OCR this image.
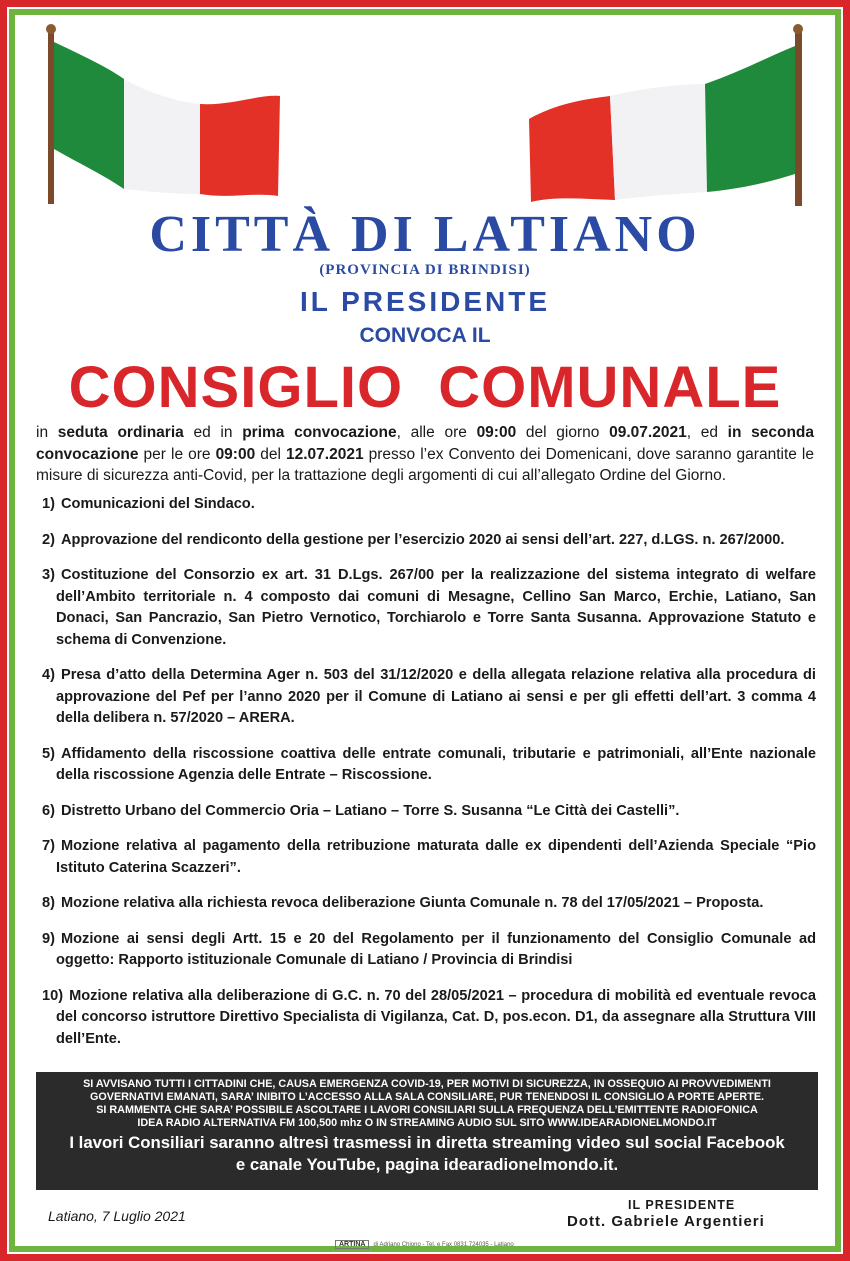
CITTÀ DI LATIANO
(PROVINCIA DI BRINDISI)
IL PRESIDENTE
CONVOCA IL
CONSIGLIO COMUNALE
in seduta ordinaria ed in prima convocazione, alle ore 09:00 del giorno 09.07.2021, ed in seconda convocazione per le ore 09:00 del 12.07.2021 presso l’ex Convento dei Domenicani, dove saranno garantite le misure di sicurezza anti-Covid, per la trattazione degli argomenti di cui all’allegato Ordine del Giorno.
1) Comunicazioni del Sindaco.
2) Approvazione del rendiconto della gestione per l’esercizio 2020 ai sensi dell’art. 227, d.LGS. n. 267/2000.
3) Costituzione del Consorzio ex art. 31 D.Lgs. 267/00 per la realizzazione del sistema integrato di welfare dell’Ambito territoriale n. 4 composto dai comuni di Mesagne, Cellino San Marco, Erchie, Latiano, San Donaci, San Pancrazio, San Pietro Vernotico, Torchiarolo e Torre Santa Susanna. Approvazione Statuto e schema di Convenzione.
4) Presa d’atto della Determina Ager n. 503 del 31/12/2020 e della allegata relazione relativa alla procedura di approvazione del Pef per l’anno 2020 per il Comune di Latiano ai sensi e per gli effetti dell’art. 3 comma 4 della delibera n. 57/2020 – ARERA.
5) Affidamento della riscossione coattiva delle entrate comunali, tributarie e patrimoniali, all’Ente nazionale della riscossione Agenzia delle Entrate – Riscossione.
6) Distretto Urbano del Commercio Oria – Latiano – Torre S. Susanna “Le Città dei Castelli”.
7) Mozione relativa al pagamento della retribuzione maturata dalle ex dipendenti dell’Azienda Speciale “Pio Istituto Caterina Scazzeri”.
8) Mozione relativa alla richiesta revoca deliberazione Giunta Comunale n. 78 del 17/05/2021 – Proposta.
9) Mozione ai sensi degli Artt. 15 e 20 del Regolamento per il funzionamento del Consiglio Comunale ad oggetto: Rapporto istituzionale Comunale di Latiano / Provincia di Brindisi
10) Mozione relativa alla deliberazione di G.C. n. 70 del 28/05/2021 – procedura di mobilità ed eventuale revoca del concorso istruttore Direttivo Specialista di Vigilanza, Cat. D, pos.econ. D1, da assegnare alla Struttura VIII dell’Ente.
SI AVVISANO TUTTI I CITTADINI CHE, CAUSA EMERGENZA COVID-19, PER MOTIVI DI SICUREZZA, IN OSSEQUIO AI PROVVEDIMENTI
GOVERNATIVI EMANATI, SARA’ INIBITO L’ACCESSO ALLA SALA CONSILIARE, PUR TENENDOSI IL CONSIGLIO A PORTE APERTE.
SI RAMMENTA CHE SARA’ POSSIBILE ASCOLTARE I LAVORI CONSILIARI SULLA FREQUENZA DELL’EMITTENTE RADIOFONICA
IDEA RADIO ALTERNATIVA FM 100,500 mhz O IN STREAMING AUDIO SUL SITO WWW.IDEARADIONELMONDO.IT
I lavori Consiliari saranno altresì trasmessi in diretta streaming video sul social Facebook
e canale YouTube, pagina idearadionelmondo.it.
Latiano, 7 Luglio 2021
IL PRESIDENTE
Dott. Gabriele Argentieri
ARTINA di Adriano Chiono - Tel. e Fax 0831.724035 - Latiano
